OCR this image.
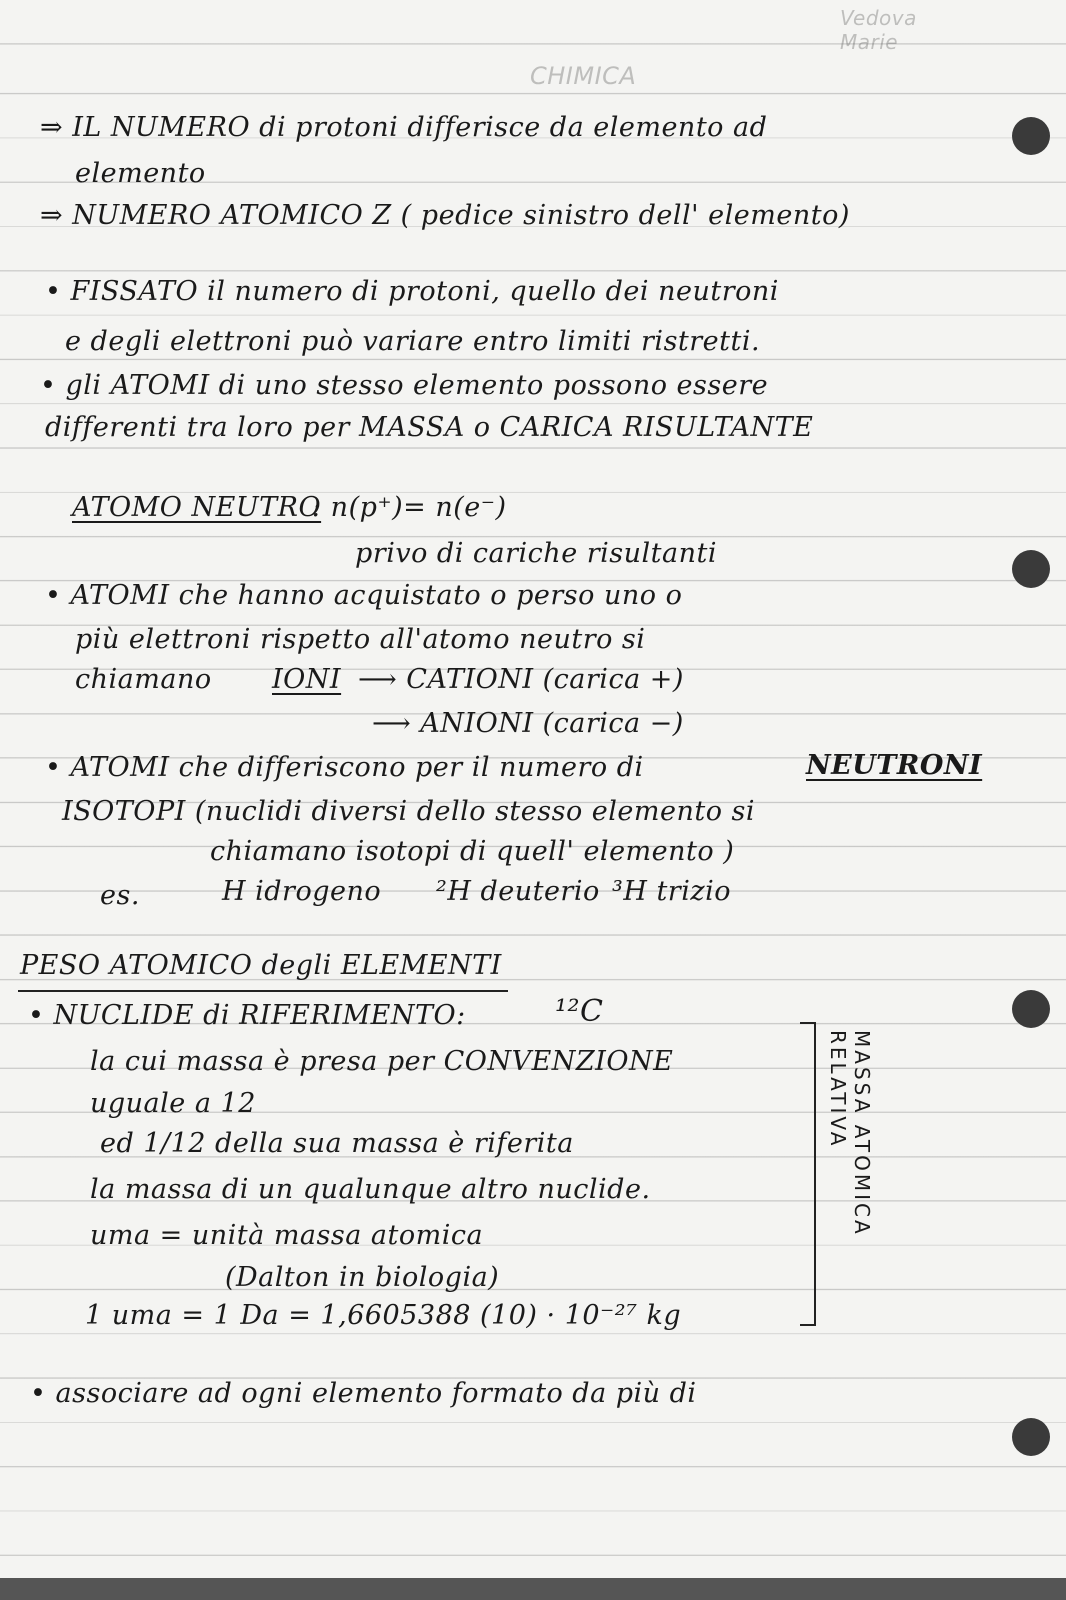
Vedova
Marie
CHIMICA
⇒ IL NUMERO di protoni differisce da elemento ad
elemento
⇒ NUMERO ATOMICO Z ( pedice sinistro dell' elemento)
• FISSATO il numero di protoni, quello dei neutroni
e degli elettroni può variare entro limiti ristretti.
• gli ATOMI di uno stesso elemento possono essere
differenti tra loro per MASSA o CARICA RISULTANTE
ATOMO NEUTRO
: n(p⁺)= n(e⁻)
privo di cariche risultanti
• ATOMI che hanno acquistato o perso uno o
più elettroni rispetto all'atomo neutro si
chiamano IONI ⟶ CATIONI (carica +)
⟶ ANIONI (carica −)
• ATOMI che differiscono per il numero di	NEUTRONI
ISOTOPI (nuclidi diversi dello stesso elemento si
chiamano isotopi di quell' elemento )
es.	H idrogeno ²H deuterio ³H trizio
PESO ATOMICO degli ELEMENTI
• NUCLIDE di RIFERIMENTO:	¹²C
la cui massa è presa per CONVENZIONE
uguale a 12
ed 1/12 della sua massa è riferita
la massa di un qualunque altro nuclide.
uma = unità massa atomica
(Dalton in biologia)
1 uma = 1 Da = 1,6605388 (10) · 10⁻²⁷ kg
MASSA ATOMICA RELATIVA
• associare ad ogni elemento formato da più di
